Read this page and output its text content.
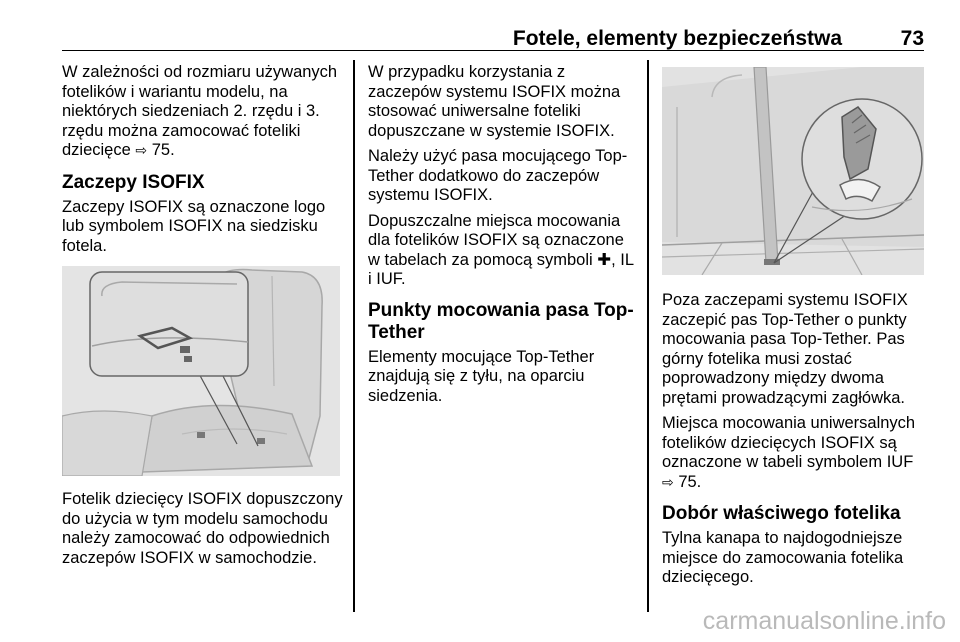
Fotele, elementy bezpieczeństwa	73

W zależności od rozmiaru używanych fotelików i wariantu modelu, na niektórych siedzeniach 2. rzędu i 3. rzędu można zamocować foteliki dziecięce ⇨ 75.

Zaczepy ISOFIX

Zaczepy ISOFIX są oznaczone logo lub symbolem ISOFIX na siedzisku fotela.

Fotelik dziecięcy ISOFIX dopuszczony do użycia w tym modelu samochodu należy zamocować do odpowiednich zaczepów ISOFIX w samochodzie.

W przypadku korzystania z zaczepów systemu ISOFIX można stosować uniwersalne foteliki dopuszczane w systemie ISOFIX.

Należy użyć pasa mocującego Top-Tether dodatkowo do zaczepów systemu ISOFIX.

Dopuszczalne miejsca mocowania dla fotelików ISOFIX są oznaczone w tabelach za pomocą symboli ✚, IL i IUF.

Punkty mocowania pasa Top-Tether

Elementy mocujące Top-Tether znajdują się z tyłu, na oparciu siedzenia.

Poza zaczepami systemu ISOFIX zaczepić pas Top-Tether o punkty mocowania pasa Top-Tether. Pas górny fotelika musi zostać poprowadzony między dwoma prętami prowadzącymi zagłówka.

Miejsca mocowania uniwersalnych fotelików dziecięcych ISOFIX są oznaczone w tabeli symbolem IUF ⇨ 75.

Dobór właściwego fotelika

Tylna kanapa to najdogodniejsze miejsce do zamocowania fotelika dziecięcego.

carmanualsonline.info
